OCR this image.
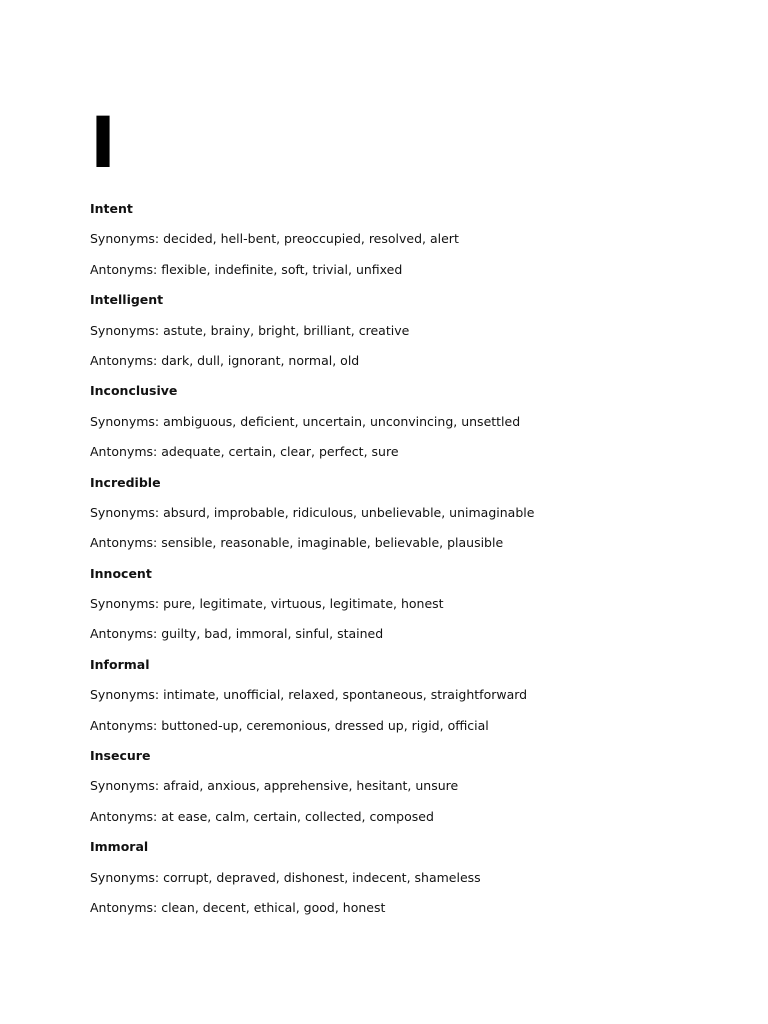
I
Intent
Synonyms: decided, hell-bent, preoccupied, resolved, alert
Antonyms: flexible, indefinite, soft, trivial, unfixed
Intelligent
Synonyms: astute, brainy, bright, brilliant, creative
Antonyms: dark, dull, ignorant, normal, old
Inconclusive
Synonyms: ambiguous, deficient, uncertain, unconvincing, unsettled
Antonyms: adequate, certain, clear, perfect, sure
Incredible
Synonyms: absurd, improbable, ridiculous, unbelievable, unimaginable
Antonyms: sensible, reasonable, imaginable, believable, plausible
Innocent
Synonyms: pure, legitimate, virtuous, legitimate, honest
Antonyms: guilty, bad, immoral, sinful, stained
Informal
Synonyms: intimate, unofficial, relaxed, spontaneous, straightforward
Antonyms: buttoned-up, ceremonious, dressed up, rigid, official
Insecure
Synonyms: afraid, anxious, apprehensive, hesitant, unsure
Antonyms: at ease, calm, certain, collected, composed
Immoral
Synonyms: corrupt, depraved, dishonest, indecent, shameless
Antonyms: clean, decent, ethical, good, honest
